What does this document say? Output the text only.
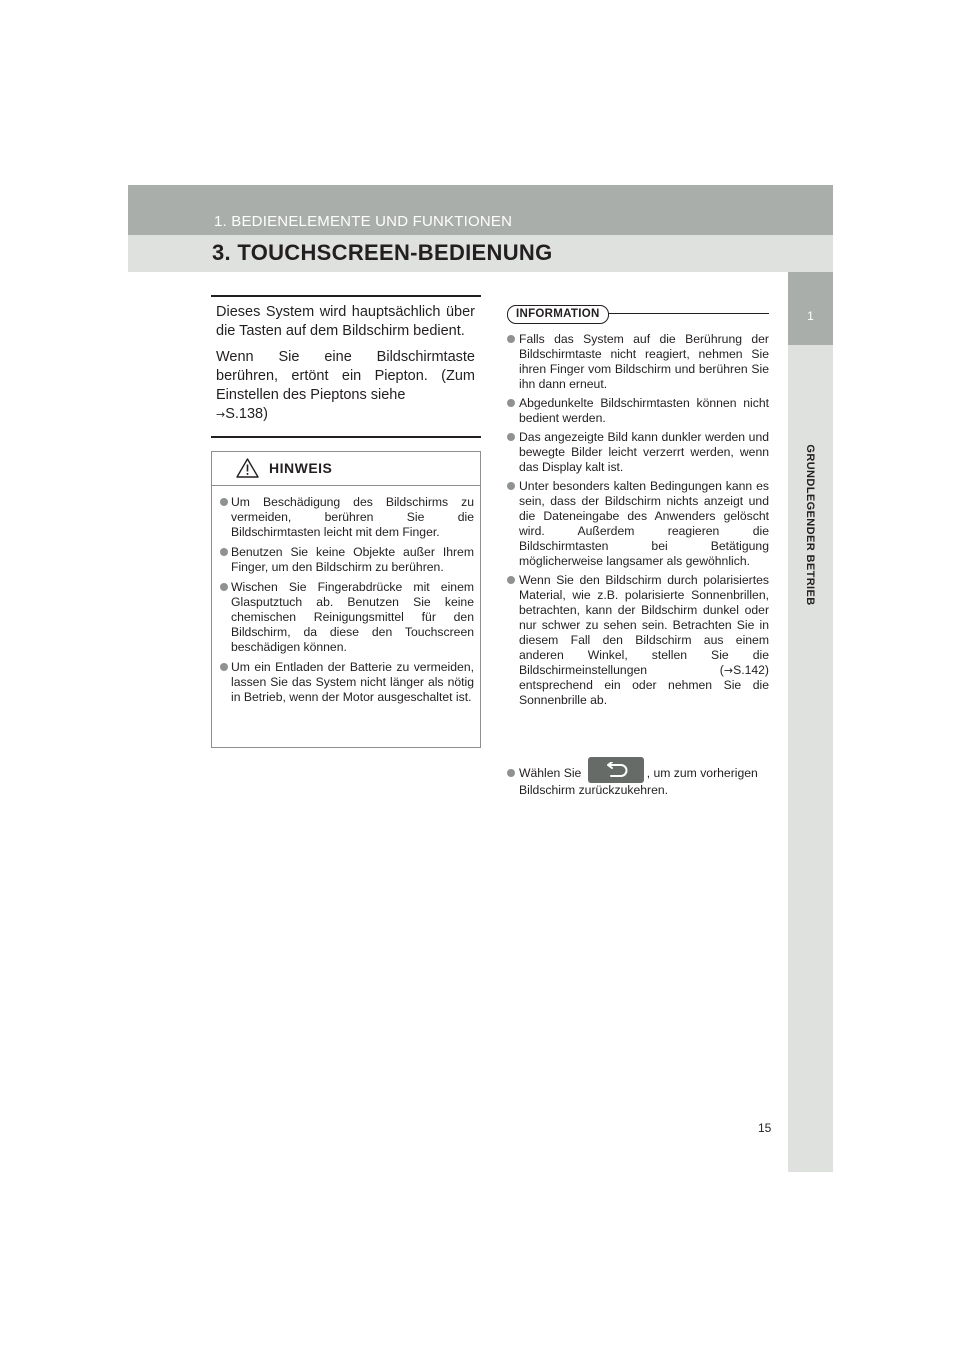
1. BEDIENELEMENTE UND FUNKTIONEN
3. TOUCHSCREEN-BEDIENUNG
1
GRUNDLEGENDER BETRIEB
15

Dieses System wird hauptsächlich über die Tasten auf dem Bildschirm bedient.

Wenn Sie eine Bildschirmtaste berühren, ertönt ein Piepton. (Zum Einstellen des Pieptons siehe
→S.138)

HINWEIS
Um Beschädigung des Bildschirms zu vermeiden, berühren Sie die Bildschirmtasten leicht mit dem Finger.
Benutzen Sie keine Objekte außer Ihrem Finger, um den Bildschirm zu berühren.
Wischen Sie Fingerabdrücke mit einem Glasputztuch ab. Benutzen Sie keine chemischen Reinigungsmittel für den Bildschirm, da diese den Touchscreen beschädigen können.
Um ein Entladen der Batterie zu vermeiden, lassen Sie das System nicht länger als nötig in Betrieb, wenn der Motor ausgeschaltet ist.
INFORMATION
Falls das System auf die Berührung der Bildschirmtaste nicht reagiert, nehmen Sie ihren Finger vom Bildschirm und berühren Sie ihn dann erneut.
Abgedunkelte Bildschirmtasten können nicht bedient werden.
Das angezeigte Bild kann dunkler werden und bewegte Bilder leicht verzerrt werden, wenn das Display kalt ist.
Unter besonders kalten Bedingungen kann es sein, dass der Bildschirm nichts anzeigt und die Dateneingabe des Anwenders gelöscht wird. Außerdem reagieren die Bildschirmtasten bei Betätigung möglicherweise langsamer als gewöhnlich.
Wenn Sie den Bildschirm durch polarisiertes Material, wie z.B. polarisierte Sonnenbrillen, betrachten, kann der Bildschirm dunkel oder nur schwer zu sehen sein. Betrachten Sie in diesem Fall den Bildschirm aus einem anderen Winkel, stellen Sie die Bildschirmeinstellungen (→S.142) entsprechend ein oder nehmen Sie die Sonnenbrille ab.
Wählen Sie	, um zum vorherigen Bildschirm zurückzukehren.
